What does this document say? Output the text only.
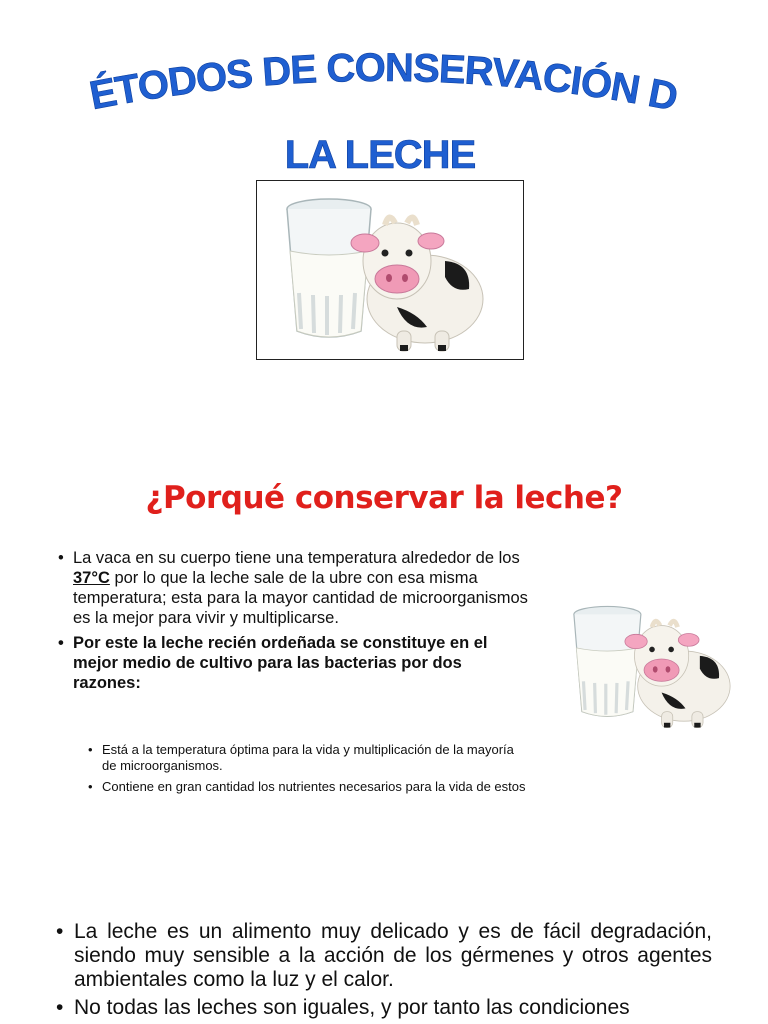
ÉTODOS DE CONSERVACIÓN D
LA LECHE
¿Porqué conservar la leche?
• La vaca en su cuerpo tiene una temperatura alrededor de los 37°C por lo que la leche sale de la ubre con esa misma temperatura; esta para la mayor cantidad de microorganismos es la mejor para vivir y multiplicarse.
• Por este la leche recién ordeñada se constituye en el mejor medio de cultivo para las bacterias por dos razones:
• Está a la temperatura óptima para la vida y multiplicación de la mayoría de microorganismos.
• Contiene en gran cantidad los nutrientes necesarios para la vida de estos
• La leche es un alimento muy delicado y es de fácil degradación, siendo muy sensible a la acción de los gérmenes y otros agentes ambientales como la luz y el calor.
• No todas las leches son iguales, y por tanto las condiciones
